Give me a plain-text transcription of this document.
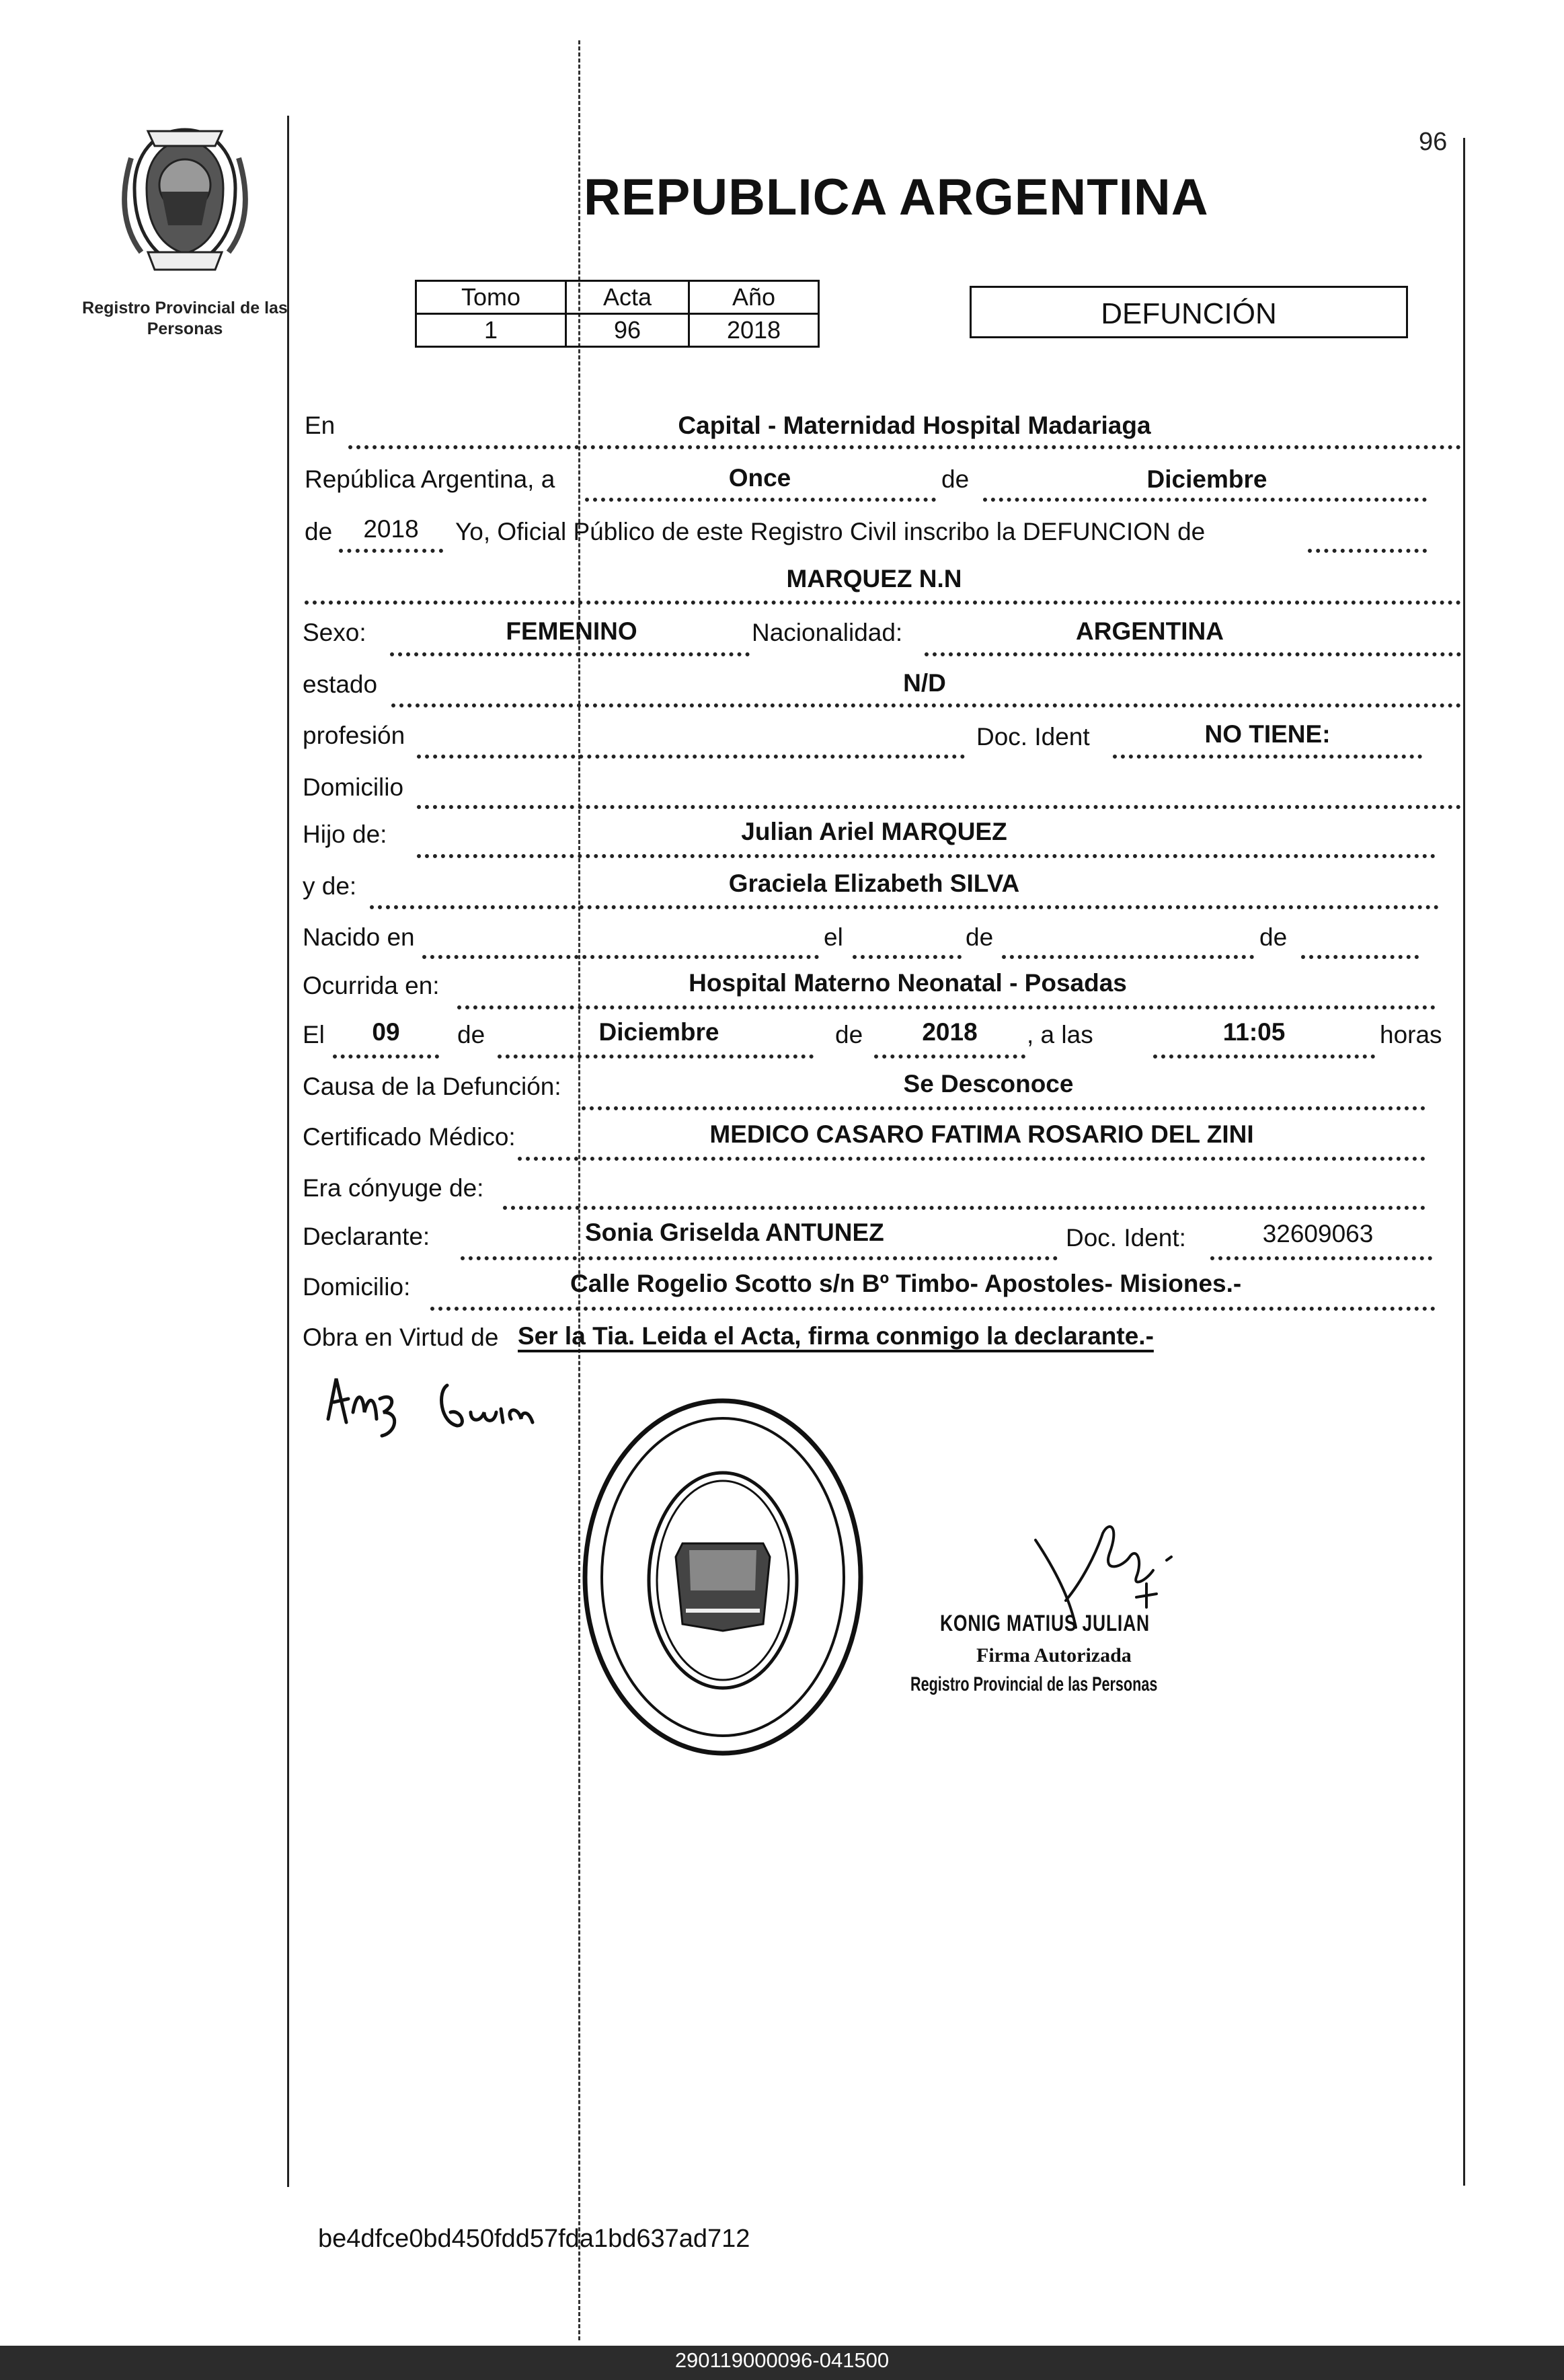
Registro Provincial de las Personas
96
REPUBLICA ARGENTINA
Tomo	Acta	Año
1	96	2018	DEFUNCIÓN
En	Capital - Maternidad Hospital Madariaga
República Argentina, a	Once	de	Diciembre
de	2018	Yo, Oficial Público de este Registro Civil inscribo la DEFUNCION de
MARQUEZ N.N
Sexo:	FEMENINO	Nacionalidad:	ARGENTINA
estado	N/D
profesión	Doc. Ident	NO TIENE:
Domicilio
Hijo de:	Julian Ariel MARQUEZ
y de:	Graciela Elizabeth SILVA
Nacido en	el	de	de
Ocurrida en:	Hospital Materno Neonatal - Posadas
El	09	de	Diciembre	de	2018	, a las	11:05	horas
Causa de la Defunción:	Se Desconoce
Certificado Médico:	MEDICO CASARO FATIMA ROSARIO DEL ZINI
Era cónyuge de:
Declarante:	Sonia Griselda ANTUNEZ	Doc. Ident:	32609063
Domicilio:	Calle Rogelio Scotto s/n Bº Timbo- Apostoles- Misiones.-
Obra en Virtud de Ser la Tia. Leida el Acta, firma conmigo la declarante.-
KONIG MATIUS JULIAN
Firma Autorizada
Registro Provincial de las Personas
be4dfce0bd450fdd57fda1bd637ad712
290119000096-041500
